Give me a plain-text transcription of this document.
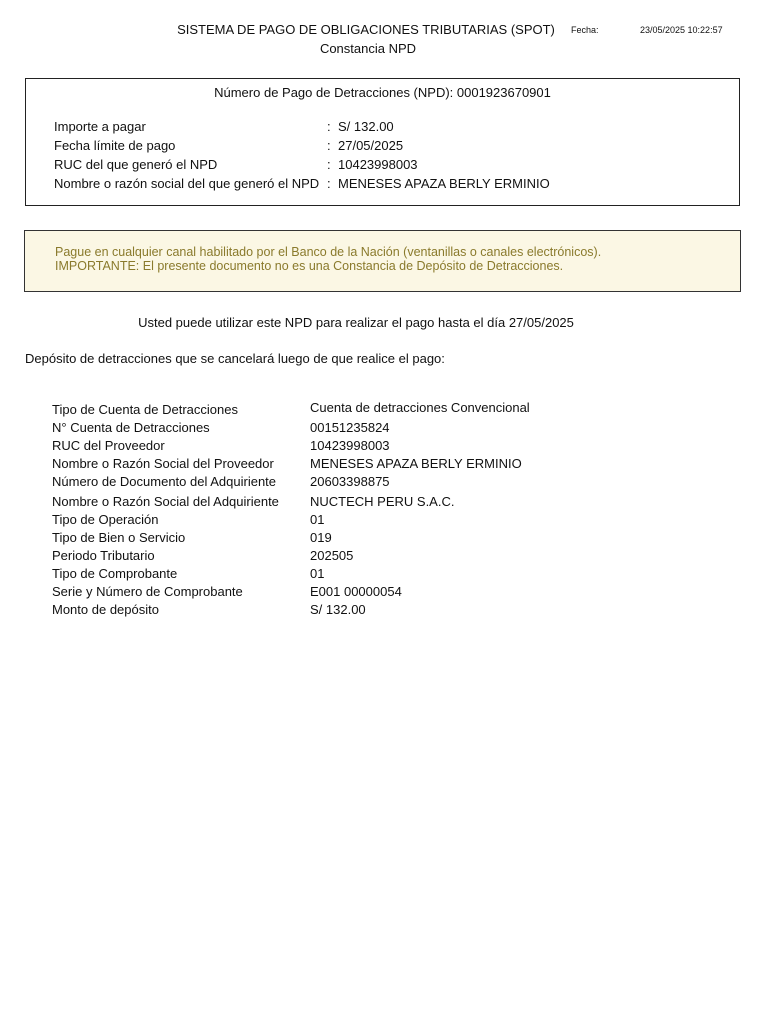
SISTEMA DE PAGO DE OBLIGACIONES TRIBUTARIAS (SPOT)
Constancia NPD
Fecha:	23/05/2025 10:22:57
Número de Pago de Detracciones (NPD): 0001923670901
Importe a pagar	: S/ 132.00
Fecha límite de pago	: 27/05/2025
RUC del que generó el NPD	: 10423998003
Nombre o razón social del que generó el NPD : MENESES APAZA BERLY ERMINIO
Pague en cualquier canal habilitado por el Banco de la Nación (ventanillas o canales electrónicos).
IMPORTANTE: El presente documento no es una Constancia de Depósito de Detracciones.
Usted puede utilizar este NPD para realizar el pago hasta el día 27/05/2025
Depósito de detracciones que se cancelará luego de que realice el pago:
Tipo de Cuenta de Detracciones	Cuenta de detracciones Convencional
N° Cuenta de Detracciones	00151235824
RUC del Proveedor	10423998003
Nombre o Razón Social del Proveedor	MENESES APAZA BERLY ERMINIO
Número de Documento del Adquiriente	20603398875
Nombre o Razón Social del Adquiriente NUCTECH PERU S.A.C.
Tipo de Operación	01
Tipo de Bien o Servicio	019
Periodo Tributario	202505
Tipo de Comprobante	01
Serie y Número de Comprobante	E001 00000054
Monto de depósito	S/ 132.00
